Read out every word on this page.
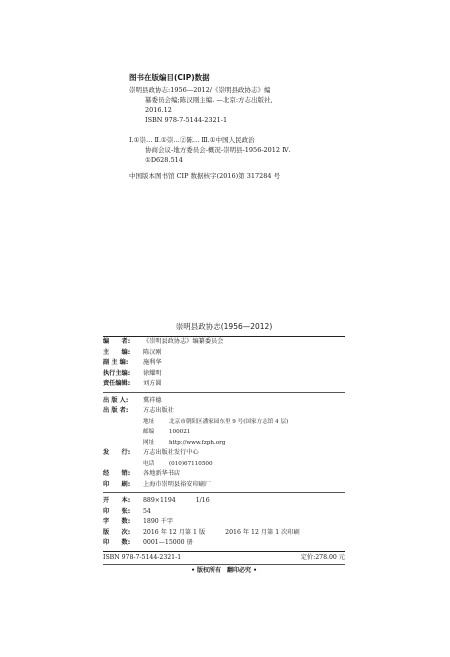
图书在版编目(CIP)数据
崇明县政协志:1956—2012/《崇明县政协志》编
纂委员会编;陈汉刚主编. —北京:方志出版社,
2016.12
ISBN 978-7-5144-2321-1
Ⅰ.①崇… Ⅱ.①崇…②陈… Ⅲ.①中国人民政治
协商会议-地方委员会-概况-崇明县-1956-2012 Ⅳ.
①D628.514
中国版本图书馆 CIP 数据核字(2016)第 317284 号
崇明县政协志(1956—2012)
编　　者:	《崇明县政协志》编纂委员会
主　　编:	陈汉刚
副 主 编:	施利华
执行主编:	徐耀明
责任编辑:	刘方圆
出 版 人:	冀祥德
出 版 者:	方志出版社
地址	北京市朝阳区潘家园东里 9 号(国家方志馆 4 层)
邮编	100021
网址	http://www.fzph.org
发　　行:	方志出版社发行中心
电话	(010)67110500
经　　销:	各地新华书店
印　　刷:	上海市崇明县裕安印刷厂
开　　本:	889×1194	1/16
印　　张:	54
字　　数:	1890 千字
版　　次:	2016 年 12 月第 1 版	2016 年 12 月第 1 次印刷
印　　数:	0001—15000 册
ISBN 978-7-5144-2321-1	定价:278.00 元
• 版权所有　翻印必究 •
